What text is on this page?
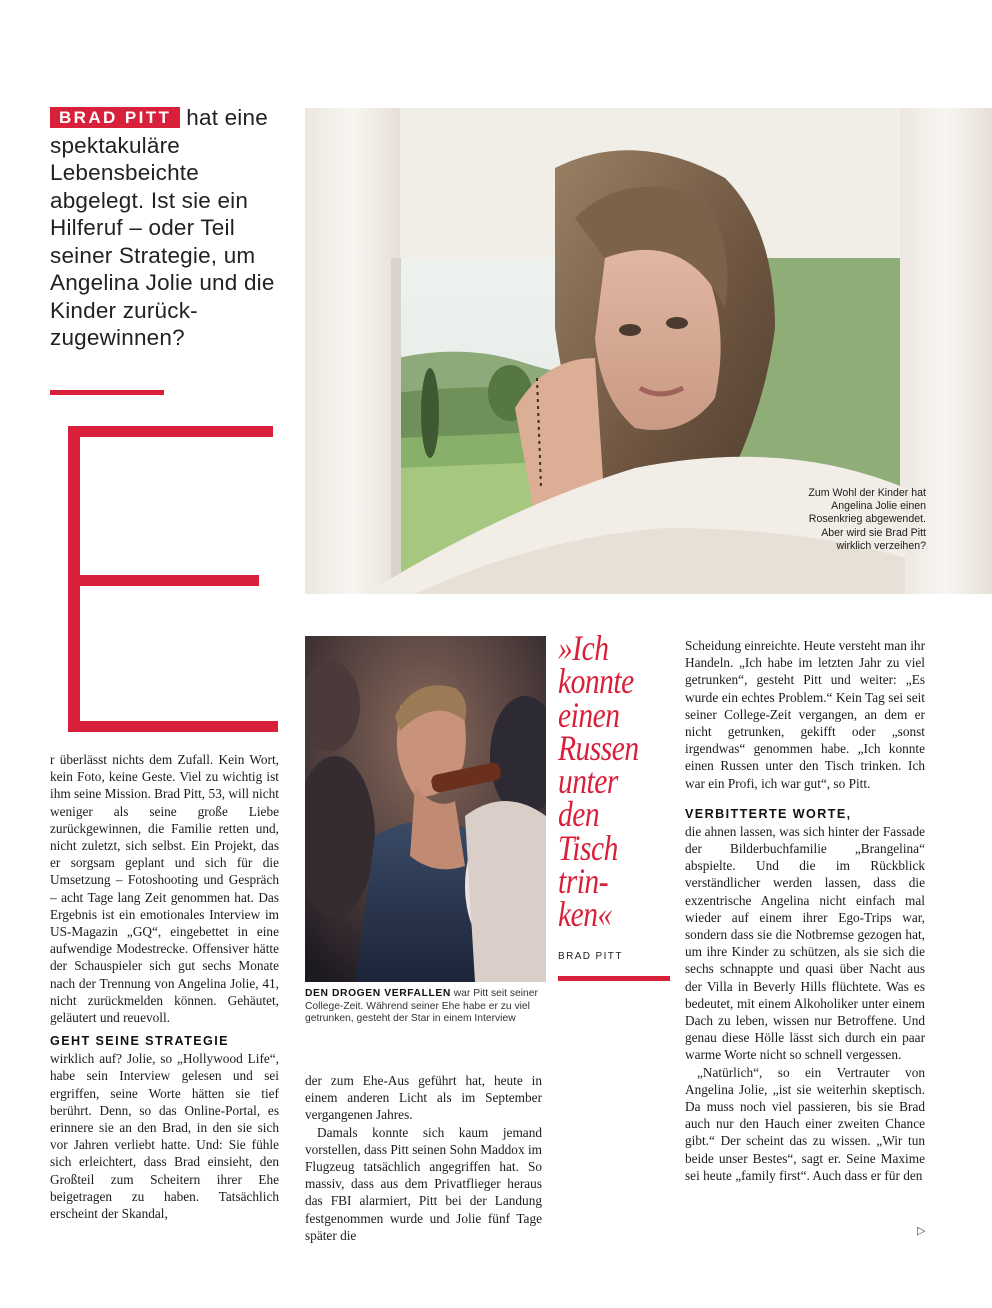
BRAD PITT hat eine spektakuläre Lebensbeichte abgelegt. Ist sie ein Hilferuf – oder Teil seiner Strategie, um Angelina Jolie und die Kinder zurückzugewinnen?

Zum Wohl der Kinder hat Angelina Jolie einen Rosenkrieg abgewendet. Aber wird sie Brad Pitt wirklich verzeihen?
DEN DROGEN VERFALLEN war Pitt seit seiner College-Zeit. Während seiner Ehe habe er zu viel getrunken, gesteht der Star in einem Interview
»Ich konnte einen Russen unter den Tisch trinken«
BRAD PITT

r überlässt nichts dem Zufall. Kein Wort, kein Foto, keine Geste. Viel zu wichtig ist ihm seine Mission. Brad Pitt, 53, will nicht weniger als seine große Liebe zurückgewinnen, die Familie retten und, nicht zuletzt, sich selbst. Ein Projekt, das er sorgsam geplant und sich für die Umsetzung – Fotoshooting und Gespräch – acht Tage lang Zeit genommen hat. Das Ergebnis ist ein emotionales Interview im US-Magazin „GQ“, eingebettet in eine aufwendige Modestrecke. Offensiver hätte der Schauspieler sich gut sechs Monate nach der Trennung von Angelina Jolie, 41, nicht zurückmelden können. Gehäutet, geläutert und reuevoll.

GEHT SEINE STRATEGIE

wirklich auf? Jolie, so „Hollywood Life“, habe sein Interview gelesen und sei ergriffen, seine Worte hätten sie tief berührt. Denn, so das Online-Portal, es erinnere sie an den Brad, in den sie sich vor Jahren verliebt hatte. Und: Sie fühle sich erleichtert, dass Brad einsieht, den Großteil zum Scheitern ihrer Ehe beigetragen zu haben. Tatsächlich erscheint der Skandal,

der zum Ehe-Aus geführt hat, heute in einem anderen Licht als im September vergangenen Jahres.

Damals konnte sich kaum jemand vorstellen, dass Pitt seinen Sohn Maddox im Flugzeug tatsächlich angegriffen hat. So massiv, dass aus dem Privatflieger heraus das FBI alarmiert, Pitt bei der Landung festgenommen wurde und Jolie fünf Tage später die

Scheidung einreichte. Heute versteht man ihr Handeln. „Ich habe im letzten Jahr zu viel getrunken“, gesteht Pitt und weiter: „Es wurde ein echtes Problem.“ Kein Tag sei seit seiner College-Zeit vergangen, an dem er nicht getrunken, gekifft oder „sonst irgendwas“ genommen habe. „Ich konnte einen Russen unter den Tisch trinken. Ich war ein Profi, ich war gut“, so Pitt.

VERBITTERTE WORTE,

die ahnen lassen, was sich hinter der Fassade der Bilderbuchfamilie „Brangelina“ abspielte. Und die im Rückblick verständlicher werden lassen, dass die exzentrische Angelina nicht einfach mal wieder auf einem ihrer Ego-Trips war, sondern dass sie die Notbremse gezogen hat, um ihre Kinder zu schützen, als sie sich die sechs schnappte und quasi über Nacht aus der Villa in Beverly Hills flüchtete. Was es bedeutet, mit einem Alkoholiker unter einem Dach zu leben, wissen nur Betroffene. Und genau diese Hölle lässt sich durch ein paar warme Worte nicht so schnell vergessen.

„Natürlich“, so ein Vertrauter von Angelina Jolie, „ist sie weiterhin skeptisch. Da muss noch viel passieren, bis sie Brad auch nur den Hauch einer zweiten Chance gibt.“ Der scheint das zu wissen. „Wir tun beide unser Bestes“, sagt er. Seine Maxime sei heute „family first“. Auch dass er für den

▷
